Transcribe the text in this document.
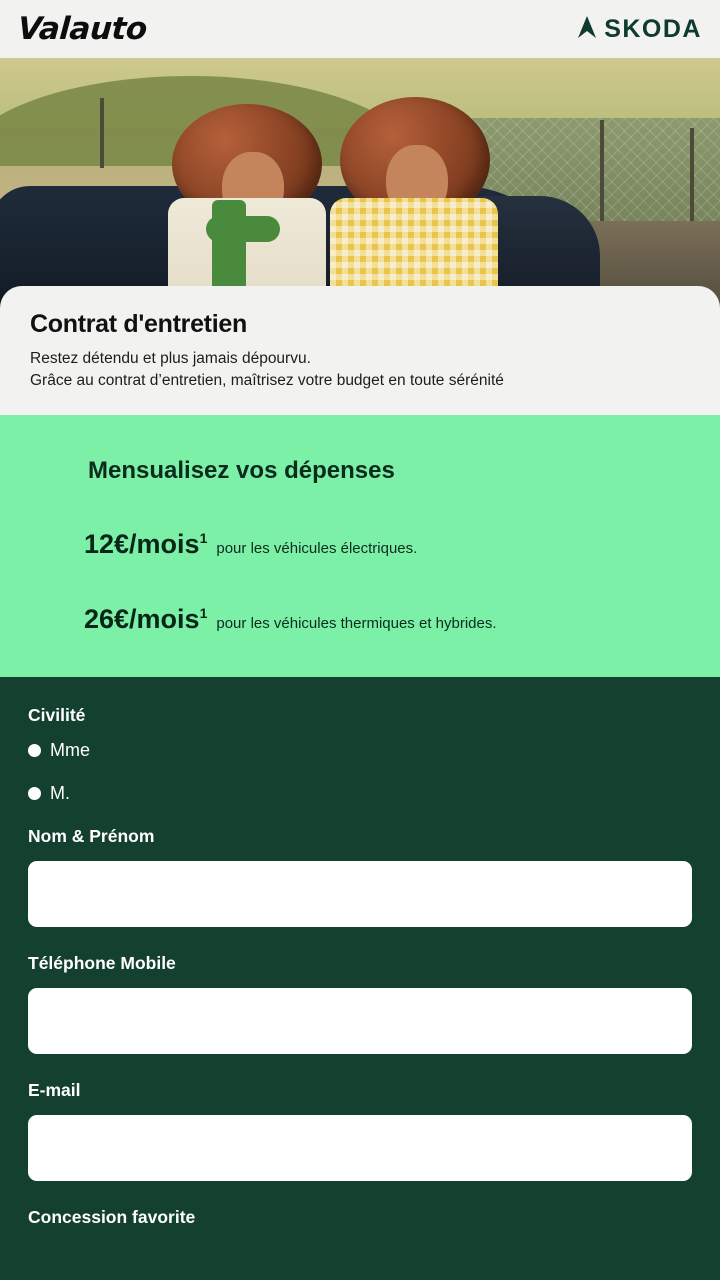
Valauto	SKODA
Contrat d'entretien
Restez détendu et plus jamais dépourvu.
Grâce au contrat d’entretien, maîtrisez votre budget en toute sérénité
Mensualisez vos dépenses
12€/mois$^1$
pour les véhicules électriques.
26€/mois$^1$
pour les véhicules thermiques et hybrides.
Civilité
Mme
M.
Nom & Prénom
Téléphone Mobile
E-mail
Concession favorite
